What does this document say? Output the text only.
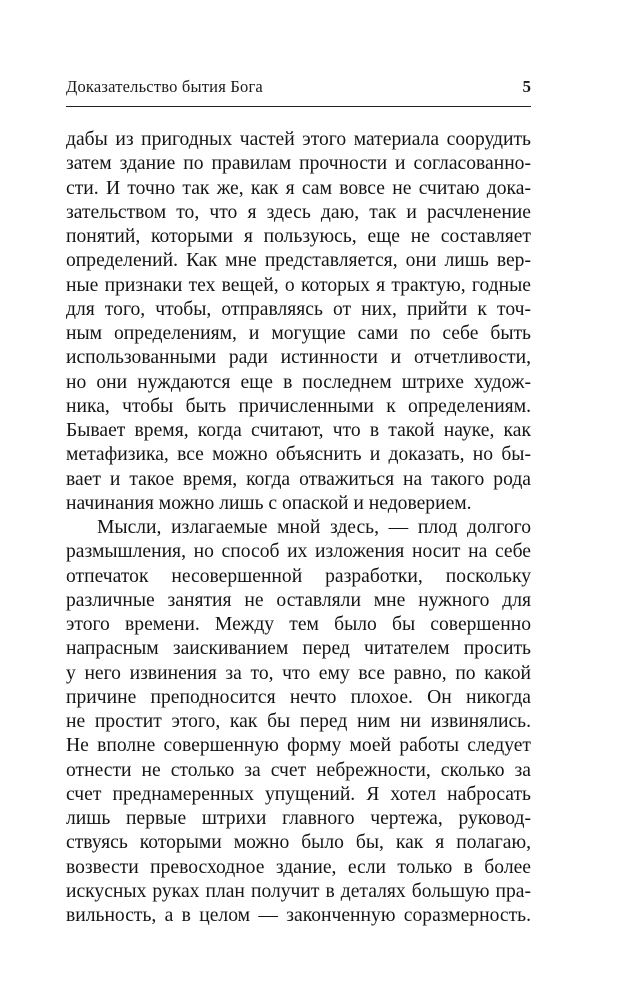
Доказательство бытия Бога	5
дабы из пригодных частей этого материала соорудить
затем здание по правилам прочности и согласованно-
сти. И точно так же, как я сам вовсе не считаю дока-
зательством то, что я здесь даю, так и расчленение
понятий, которыми я пользуюсь, еще не составляет
определений. Как мне представляется, они лишь вер-
ные признаки тех вещей, о которых я трактую, годные
для того, чтобы, отправляясь от них, прийти к точ-
ным определениям, и могущие сами по себе быть
использованными ради истинности и отчетливости,
но они нуждаются еще в последнем штрихе худож-
ника, чтобы быть причисленными к определениям.
Бывает время, когда считают, что в такой науке, как
метафизика, все можно объяснить и доказать, но бы-
вает и такое время, когда отважиться на такого рода
начинания можно лишь с опаской и недоверием.
Мысли, излагаемые мной здесь, — плод долгого
размышления, но способ их изложения носит на себе
отпечаток несовершенной разработки, поскольку
различные занятия не оставляли мне нужного для
этого времени. Между тем было бы совершенно
напрасным заискиванием перед читателем просить
у него извинения за то, что ему все равно, по какой
причине преподносится нечто плохое. Он никогда
не простит этого, как бы перед ним ни извинялись.
Не вполне совершенную форму моей работы следует
отнести не столько за счет небрежности, сколько за
счет преднамеренных упущений. Я хотел набросать
лишь первые штрихи главного чертежа, руковод-
ствуясь которыми можно было бы, как я полагаю,
возвести превосходное здание, если только в более
искусных руках план получит в деталях большую пра-
вильность, а в целом — законченную соразмерность.
